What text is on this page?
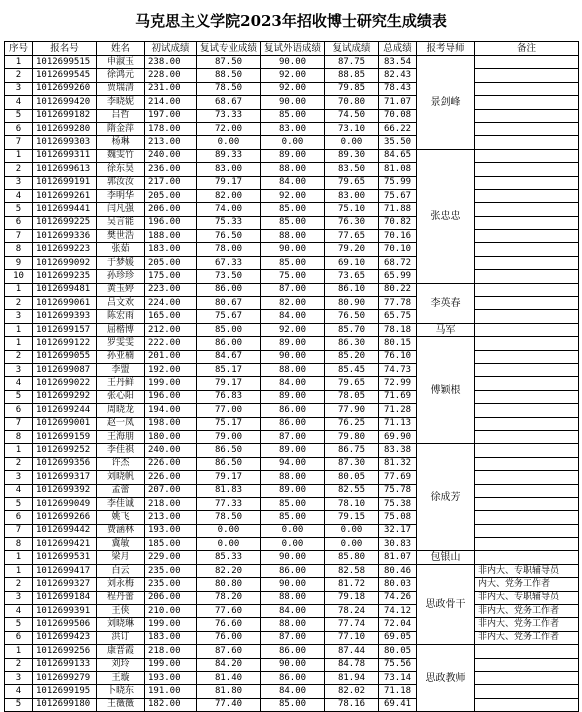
马克思主义学院2023年招收博士研究生成绩表
序号	报名号	姓名	初试成绩	复试专业成绩	复试外语成绩	复试成绩	总成绩	报考导师	备注
1	1012699515	申淑玉	238.00	87.50	90.00	87.75	83.54	景剑峰	
2	1012699545	徐鸿元	228.00	88.50	92.00	88.85	82.43		
3	1012699260	贾瑞清	231.00	78.50	92.00	79.85	78.43		
4	1012699420	李晓妮	214.00	68.67	90.00	70.80	71.07		
5	1012699182	吕哲	197.00	73.33	85.00	74.50	70.08		
6	1012699280	隋金萍	178.00	72.00	83.00	73.10	66.22		
7	1012699303	杨琳	213.00	0.00	0.00	0.00	35.50		
1	1012699311	魏雯竹	240.00	89.33	89.00	89.30	84.65	张忠忠	
2	1012699613	徐东昊	236.00	83.00	88.00	83.50	81.08		
3	1012699191	郭汝汝	217.00	79.17	84.00	79.65	75.99		
4	1012699261	李明华	205.00	82.00	92.00	83.00	75.67		
5	1012699441	闫凡强	206.00	74.00	85.00	75.10	71.88		
6	1012699225	吴言能	196.00	75.33	85.00	76.30	70.82		
7	1012699336	樊世浩	188.00	76.50	88.00	77.65	70.16		
8	1012699223	张茹	183.00	78.00	90.00	79.20	70.10		
9	1012699092	于梦媛	205.00	67.33	85.00	69.10	68.72		
10	1012699235	孙珍珍	175.00	73.50	75.00	73.65	65.99		
1	1012699481	黄玉婷	223.00	86.00	87.00	86.10	80.22	李英春	
2	1012699061	吕文欢	224.00	80.67	82.00	80.90	77.78		
3	1012699393	陈宏雨	165.00	75.67	84.00	76.50	65.75		
1	1012699157	屈楷博	212.00	85.00	92.00	85.70	78.18	马军	
1	1012699122	罗雯雯	222.00	86.00	89.00	86.30	80.15	傅颖根	
2	1012699055	孙亚楠	201.00	84.67	90.00	85.20	76.10		
3	1012699087	李盟	192.00	85.17	88.00	85.45	74.73		
4	1012699022	王丹鲜	199.00	79.17	84.00	79.65	72.99		
5	1012699292	张心阳	196.00	76.83	89.00	78.05	71.69		
6	1012699244	周晓龙	194.00	77.00	86.00	77.90	71.28		
7	1012699001	赵一凤	198.00	75.17	86.00	76.25	71.13		
8	1012699159	王海朋	180.00	79.00	87.00	79.80	69.90		
1	1012699252	李佳祺	240.00	86.50	89.00	86.75	83.38	徐成芳	
2	1012699356	许杰	226.00	86.50	94.00	87.30	81.32		
3	1012699317	刘晓帆	226.00	79.17	88.00	80.05	77.69		
4	1012699392	孟蕾	207.00	81.83	89.00	82.55	75.78		
5	1012699049	李佳诚	218.00	77.33	85.00	78.10	75.38		
6	1012699266	姚飞	213.00	78.50	85.00	79.15	75.08		
7	1012699442	费涵林	193.00	0.00	0.00	0.00	32.17		
8	1012699421	冀敏	185.00	0.00	0.00	0.00	30.83		
1	1012699531	梁月	229.00	85.33	90.00	85.80	81.07	包银山	
1	1012699417	白云	235.00	82.20	86.00	82.58	80.46	思政骨干	非内大、专职辅导员
2	1012699327	刘永梅	235.00	80.80	90.00	81.72	80.03		内大、党务工作者
3	1012699184	程丹蕾	206.00	78.20	88.00	79.18	74.26		非内大、专职辅导员
4	1012699391	王侠	210.00	77.60	84.00	78.24	74.12		非内大、党务工作者
5	1012699506	刘晓琳	199.00	76.60	88.00	77.74	72.04		非内大、党务工作者
6	1012699423	洪订	183.00	76.00	87.00	77.10	69.05		非内大、党务工作者
1	1012699256	康晋霞	218.00	87.60	86.00	87.44	80.05	思政教师	
2	1012699133	刘玲	199.00	84.20	90.00	84.78	75.56		
3	1012699279	王璇	193.00	81.40	86.00	81.94	73.14		
4	1012699195	卜晓东	191.00	81.80	84.00	82.02	71.18		
5	1012699180	王薇薇	182.00	77.40	85.00	78.16	69.41		
